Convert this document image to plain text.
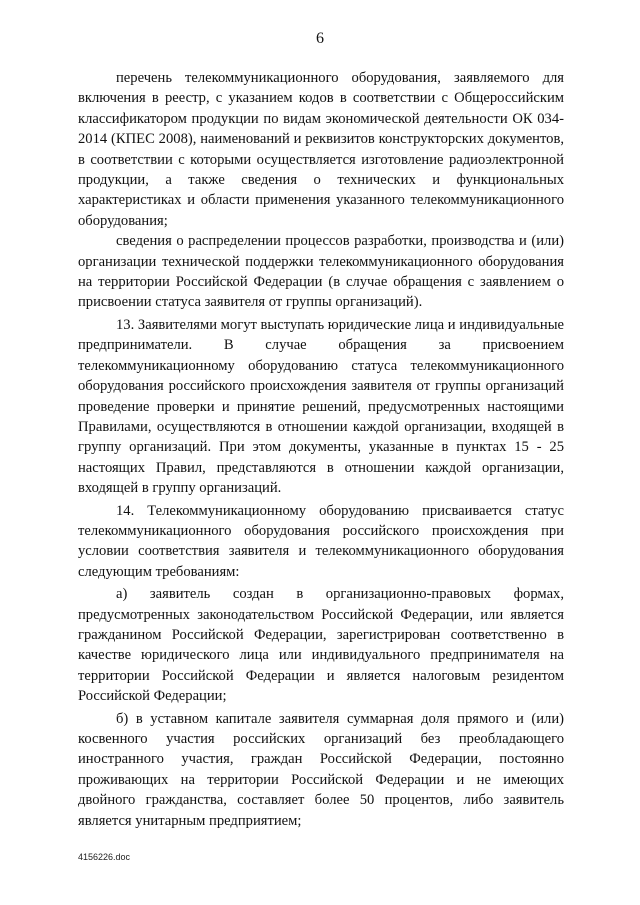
6

перечень телекоммуникационного оборудования, заявляемого для включения в реестр, с указанием кодов в соответствии с Общероссийским классификатором продукции по видам экономической деятельности ОК 034-2014 (КПЕС 2008), наименований и реквизитов конструкторских документов, в соответствии с которыми осуществляется изготовление радиоэлектронной продукции, а также сведения о технических и функциональных характеристиках и области применения указанного телекоммуникационного оборудования;

сведения о распределении процессов разработки, производства и (или) организации технической поддержки телекоммуникационного оборудования на территории Российской Федерации (в случае обращения с заявлением о присвоении статуса заявителя от группы организаций).

13. Заявителями могут выступать юридические лица и индивидуальные предприниматели. В случае обращения за присвоением телекоммуникационному оборудованию статуса телекоммуникационного оборудования российского происхождения заявителя от группы организаций проведение проверки и принятие решений, предусмотренных настоящими Правилами, осуществляются в отношении каждой организации, входящей в группу организаций. При этом документы, указанные в пунктах 15 - 25 настоящих Правил, представляются в отношении каждой организации, входящей в группу организаций.

14. Телекоммуникационному оборудованию присваивается статус телекоммуникационного оборудования российского происхождения при условии соответствия заявителя и телекоммуникационного оборудования следующим требованиям:

а) заявитель создан в организационно-правовых формах, предусмотренных законодательством Российской Федерации, или является гражданином Российской Федерации, зарегистрирован соответственно в качестве юридического лица или индивидуального предпринимателя на территории Российской Федерации и является налоговым резидентом Российской Федерации;

б) в уставном капитале заявителя суммарная доля прямого и (или) косвенного участия российских организаций без преобладающего иностранного участия, граждан Российской Федерации, постоянно проживающих на территории Российской Федерации и не имеющих двойного гражданства, составляет более 50 процентов, либо заявитель является унитарным предприятием;

4156226.doc
